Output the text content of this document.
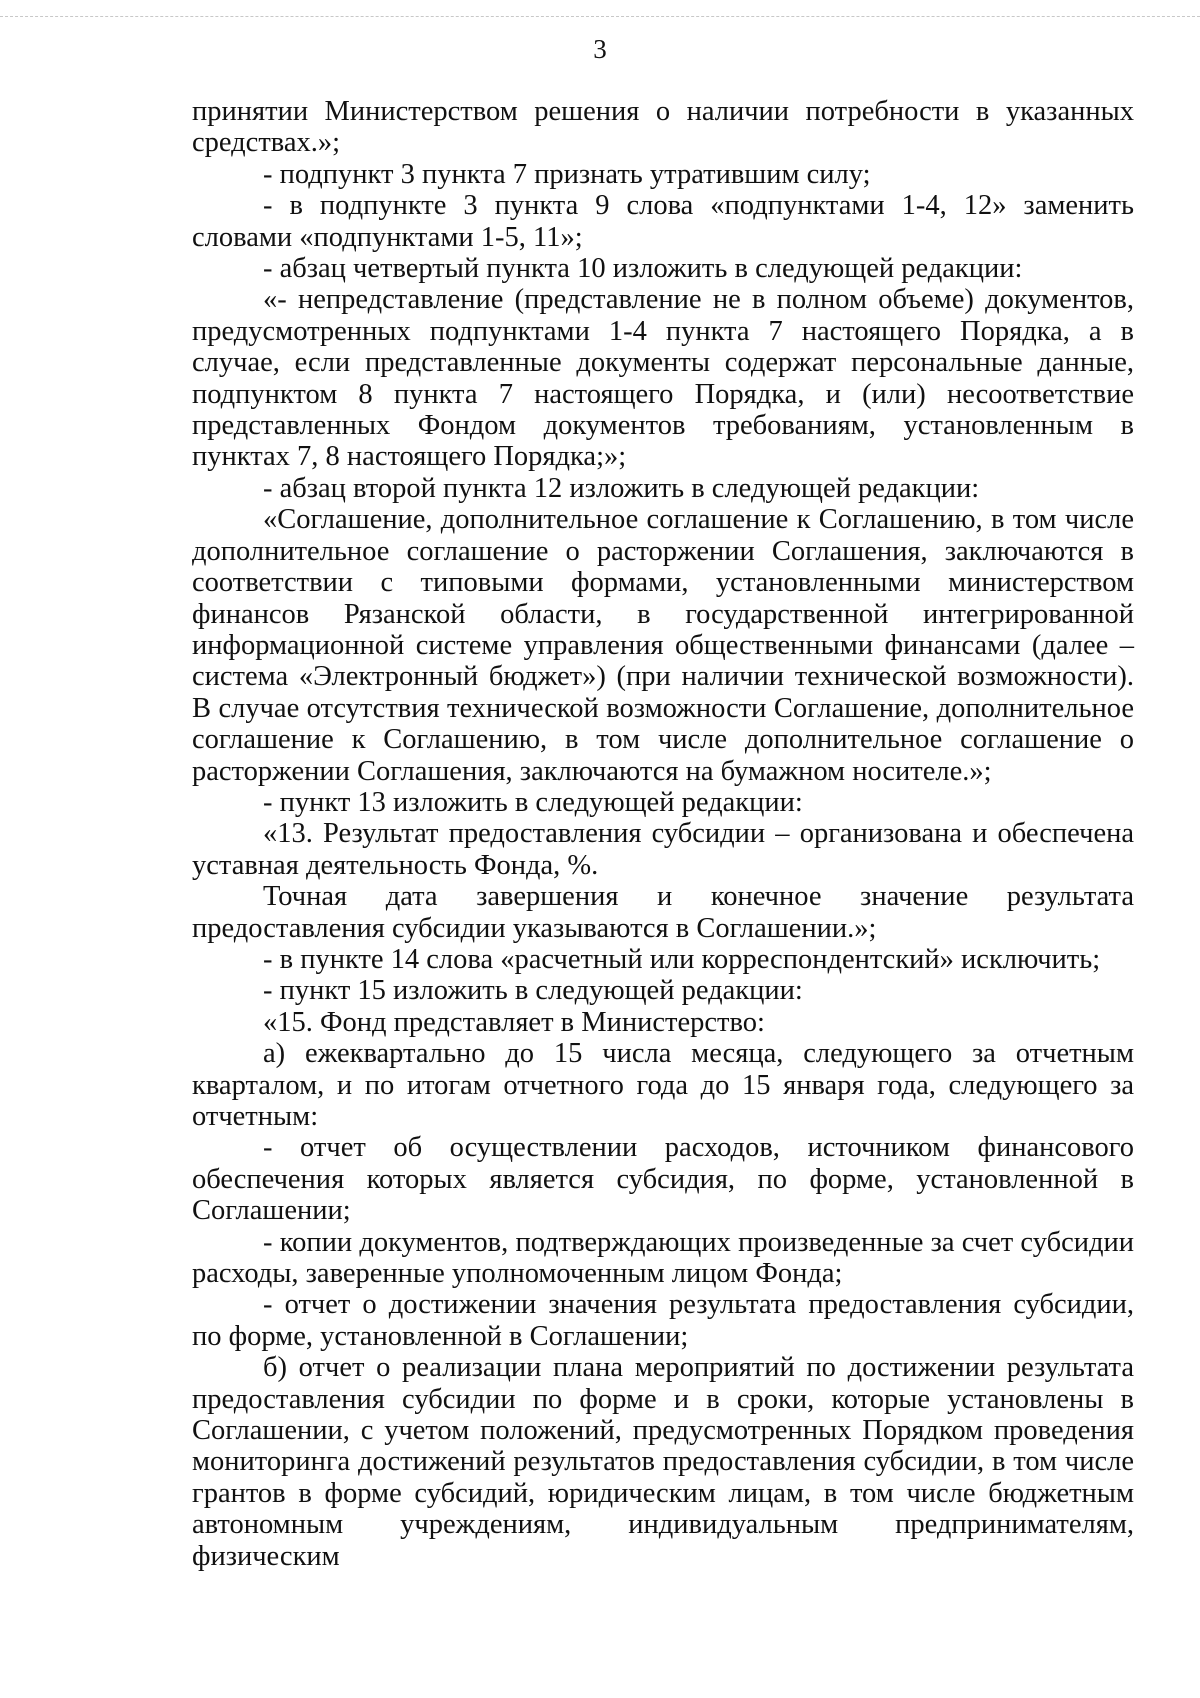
3

принятии Министерством решения о наличии потребности в указанных средствах.»;

- подпункт 3 пункта 7 признать утратившим силу;

- в подпункте 3 пункта 9 слова «подпунктами 1-4, 12» заменить словами «подпунктами 1-5, 11»;

- абзац четвертый пункта 10 изложить в следующей редакции:

«- непредставление (представление не в полном объеме) документов, предусмотренных подпунктами 1-4 пункта 7 настоящего Порядка, а в случае, если представленные документы содержат персональные данные, подпунктом 8 пункта 7 настоящего Порядка, и (или) несоответствие представленных Фондом документов требованиям, установленным в пунктах 7, 8 настоящего Порядка;»;

- абзац второй пункта 12 изложить в следующей редакции:

«Соглашение, дополнительное соглашение к Соглашению, в том числе дополнительное соглашение о расторжении Соглашения, заключаются в соответствии с типовыми формами, установленными министерством финансов Рязанской области, в государственной интегрированной информационной системе управления общественными финансами (далее – система «Электронный бюджет») (при наличии технической возможности). В случае отсутствия технической возможности Соглашение, дополнительное соглашение к Соглашению, в том числе дополнительное соглашение о расторжении Соглашения, заключаются на бумажном носителе.»;

- пункт 13 изложить в следующей редакции:

«13. Результат предоставления субсидии – организована и обеспечена уставная деятельность Фонда, %.

Точная дата завершения и конечное значение результата предоставления субсидии указываются в Соглашении.»;

- в пункте 14 слова «расчетный или корреспондентский» исключить;

- пункт 15 изложить в следующей редакции:

«15. Фонд представляет в Министерство:

а) ежеквартально до 15 числа месяца, следующего за отчетным кварталом, и по итогам отчетного года до 15 января года, следующего за отчетным:

- отчет об осуществлении расходов, источником финансового обеспечения которых является субсидия, по форме, установленной в Соглашении;

- копии документов, подтверждающих произведенные за счет субсидии расходы, заверенные уполномоченным лицом Фонда;

- отчет о достижении значения результата предоставления субсидии, по форме, установленной в Соглашении;

б) отчет о реализации плана мероприятий по достижении результата предоставления субсидии по форме и в сроки, которые установлены в Соглашении, с учетом положений, предусмотренных Порядком проведения мониторинга достижений результатов предоставления субсидии, в том числе грантов в форме субсидий, юридическим лицам, в том числе бюджетным автономным учреждениям, индивидуальным предпринимателям, физическим
